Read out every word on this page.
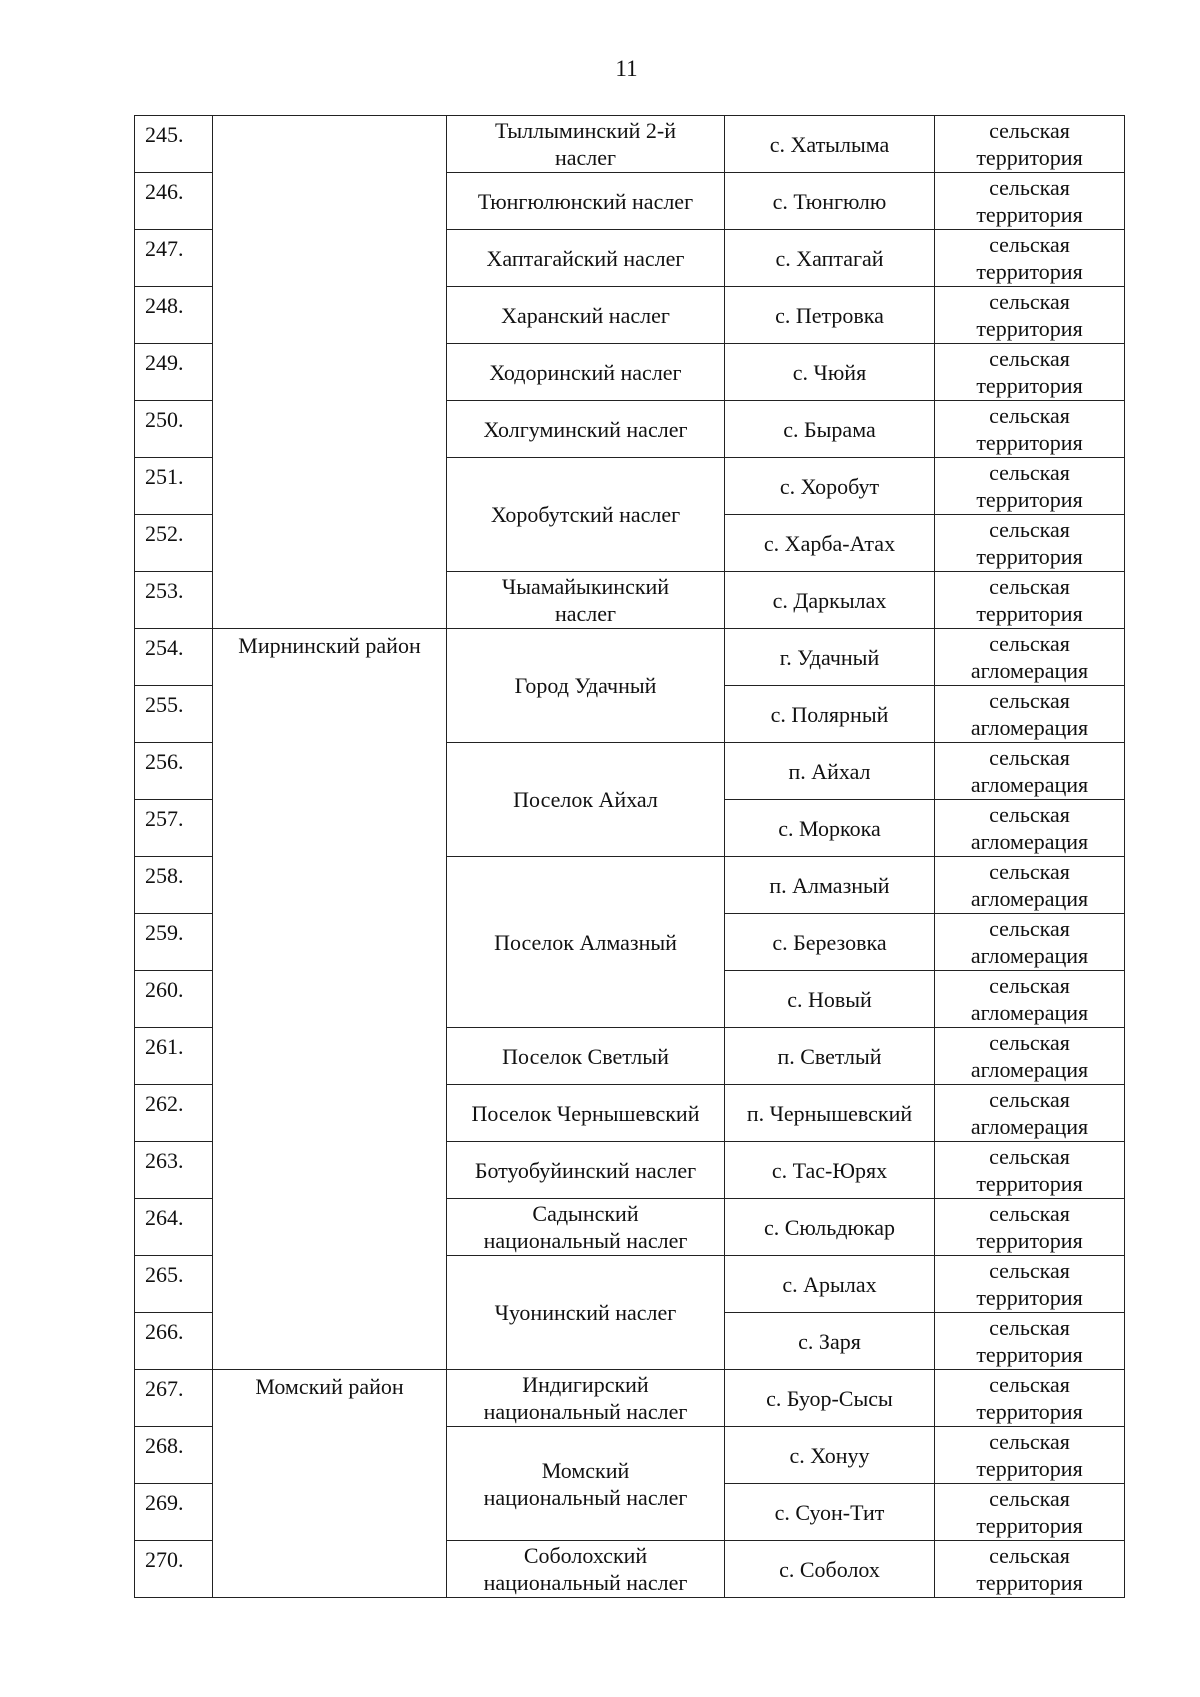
11
245.		Тыллыминский 2-й
наслег	с. Хатылыма	сельская
территория

246.		Тюнгюлюнский наслег	с. Тюнгюлю	сельская
территория

247.		Хаптагайский наслег	с. Хаптагай	сельская
территория

248.		Харанский наслег	с. Петровка	сельская
территория

249.		Ходоринский наслег	с. Чюйя	сельская
территория

250.		Холгуминский наслег	с. Бырама	сельская
территория

251.		Хоробутский наслег	с. Хоробут	сельская
территория

252.			с. Харба-Атах	сельская
территория

253.		Чыамайыкинский
наслег	с. Даркылах	сельская
территория

254.	Мирнинский район	Город Удачный	г. Удачный	сельская
агломерация

255.			с. Полярный	сельская
агломерация

256.		Поселок Айхал	п. Айхал	сельская
агломерация

257.			с. Моркока	сельская
агломерация

258.		Поселок Алмазный	п. Алмазный	сельская
агломерация

259.			с. Березовка	сельская
агломерация

260.			с. Новый	сельская
агломерация

261.		Поселок Светлый	п. Светлый	сельская
агломерация

262.		Поселок Чернышевский	п. Чернышевский	сельская
агломерация

263.		Ботуобуйинский наслег	с. Тас-Юрях	сельская
территория

264.		Садынский
национальный наслег	с. Сюльдюкар	сельская
территория

265.		Чуонинский наслег	с. Арылах	сельская
территория

266.			с. Заря	сельская
территория

267.	Момский район	Индигирский
национальный наслег	с. Буор-Сысы	сельская
территория

268.		Момский
национальный наслег	с. Хонуу	сельская
территория

269.			с. Суон-Тит	сельская
территория

270.		Соболохский
национальный наслег	с. Соболох	сельская
территория
